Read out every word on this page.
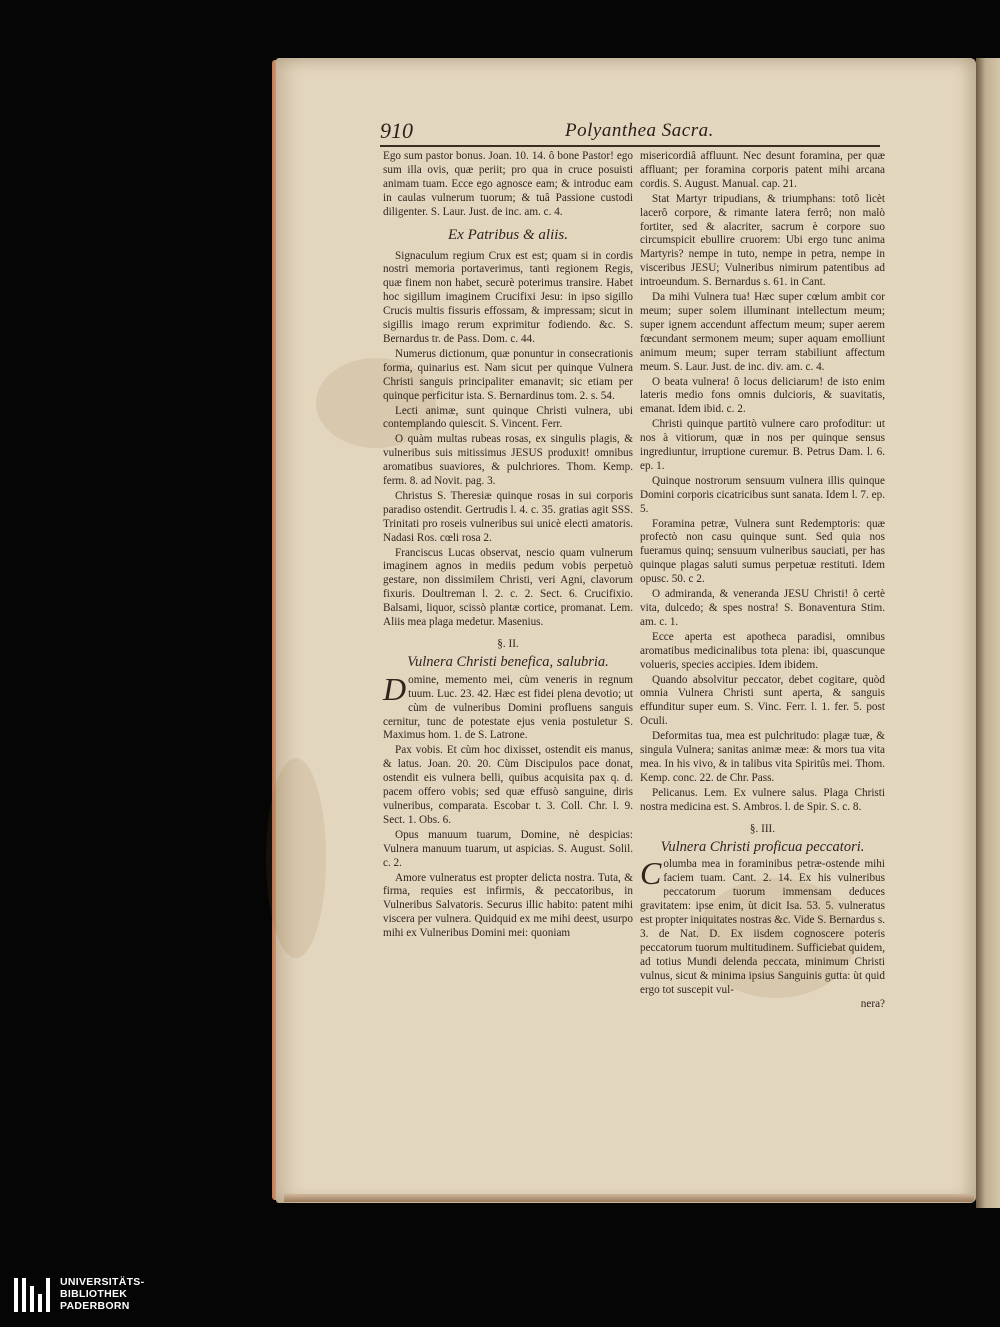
910	Polyanthea Sacra.

Ego sum pastor bonus. Joan. 10. 14. ô bone Pastor! ego sum illa ovis, quæ periit; pro qua in cruce posuisti animam tuam. Ecce ego agnosce eam; & introduc eam in caulas vulnerum tuorum; & tuâ Passione custodi diligenter. S. Laur. Just. de inc. am. c. 4.

Ex Patribus & aliis.

Signaculum regium Crux est est; quam si in cordis nostri memoria portaverimus, tanti regionem Regis, quæ finem non habet, securè poterimus transire. Habet hoc sigillum imaginem Crucifixi Jesu: in ipso sigillo Crucis multis fissuris effossam, & impressam; sicut in sigillis imago rerum exprimitur fodiendo. &c. S. Bernardus tr. de Pass. Dom. c. 44.

Numerus dictionum, quæ ponuntur in consecrationis forma, quinarius est. Nam sicut per quinque Vulnera Christi sanguis principaliter emanavit; sic etiam per quinque perficitur ista. S. Bernardinus tom. 2. s. 54.

Lecti animæ, sunt quinque Christi vulnera, ubi contemplando quiescit. S. Vincent. Ferr.

O quàm multas rubeas rosas, ex singulis plagis, & vulneribus suis mitissimus JESUS produxit! omnibus aromatibus suaviores, & pulchriores. Thom. Kemp. ferm. 8. ad Novit. pag. 3.

Christus S. Theresiæ quinque rosas in sui corporis paradiso ostendit. Gertrudis l. 4. c. 35. gratias agit SSS. Trinitati pro roseis vulneribus sui unicè electi amatoris. Nadasi Ros. cœli rosa 2.

Franciscus Lucas observat, nescio quam vulnerum imaginem agnos in mediis pedum vobis perpetuò gestare, non dissimilem Christi, veri Agni, clavorum fixuris. Doultreman l. 2. c. 2. Sect. 6. Crucifixio. Balsami, liquor, scissò plantæ cortice, promanat. Lem. Aliis mea plaga medetur. Masenius.

§. II.

Vulnera Christi benefica, salubria.

Domine, memento mei, cùm veneris in regnum tuum. Luc. 23. 42. Hæc est fidei plena devotio; ut cùm de vulneribus Domini profluens sanguis cernitur, tunc de potestate ejus venia postuletur S. Maximus hom. 1. de S. Latrone.

Pax vobis. Et cùm hoc dixisset, ostendit eis manus, & latus. Joan. 20. 20. Cùm Discipulos pace donat, ostendit eis vulnera belli, quibus acquisita pax q. d. pacem offero vobis; sed quæ effusò sanguine, diris vulneribus, comparata. Escobar t. 3. Coll. Chr. l. 9. Sect. 1. Obs. 6.

Opus manuum tuarum, Domine, nè despicias: Vulnera manuum tuarum, ut aspicias. S. August. Solil. c. 2.

Amore vulneratus est propter delicta nostra. Tuta, & firma, requies est infirmis, & peccatoribus, in Vulneribus Salvatoris. Securus illic habito: patent mihi viscera per vulnera. Quidquid ex me mihi deest, usurpo mihi ex Vulneribus Domini mei: quoniam

misericordiâ affluunt. Nec desunt foramina, per quæ affluant; per foramina corporis patent mihi arcana cordis. S. August. Manual. cap. 21.

Stat Martyr tripudians, & triumphans: totô licèt lacerô corpore, & rimante latera ferrô; non malò fortiter, sed & alacriter, sacrum è corpore suo circumspicit ebullire cruorem: Ubi ergo tunc anima Martyris? nempe in tuto, nempe in petra, nempe in visceribus JESU; Vulneribus nimirum patentibus ad introeundum. S. Bernardus s. 61. in Cant.

Da mihi Vulnera tua! Hæc super cœlum ambit cor meum; super solem illuminant intellectum meum; super ignem accendunt affectum meum; super aerem fœcundant sermonem meum; super aquam emolliunt animum meum; super terram stabiliunt affectum meum. S. Laur. Just. de inc. div. am. c. 4.

O beata vulnera! ô locus deliciarum! de isto enim lateris medio fons omnis dulcioris, & suavitatis, emanat. Idem ibid. c. 2.

Christi quinque partitò vulnere caro profoditur: ut nos à vitiorum, quæ in nos per quinque sensus ingrediuntur, irruptione curemur. B. Petrus Dam. l. 6. ep. 1.

Quinque nostrorum sensuum vulnera illis quinque Domini corporis cicatricibus sunt sanata. Idem l. 7. ep. 5.

Foramina petræ, Vulnera sunt Redemptoris: quæ profectò non casu quinque sunt. Sed quia nos fueramus quinq; sensuum vulneribus sauciati, per has quinque plagas saluti sumus perpetuæ restituti. Idem opusc. 50. c 2.

O admiranda, & veneranda JESU Christi! ô certè vita, dulcedo; & spes nostra! S. Bonaventura Stim. am. c. 1.

Ecce aperta est apotheca paradisi, omnibus aromatibus medicinalibus tota plena: ibi, quascunque volueris, species accipies. Idem ibidem.

Quando absolvitur peccator, debet cogitare, quòd omnia Vulnera Christi sunt aperta, & sanguis effunditur super eum. S. Vinc. Ferr. l. 1. fer. 5. post Oculi.

Deformitas tua, mea est pulchritudo: plagæ tuæ, & singula Vulnera; sanitas animæ meæ: & mors tua vita mea. In his vivo, & in talibus vita Spiritûs mei. Thom. Kemp. conc. 22. de Chr. Pass.

Pelicanus. Lem. Ex vulnere salus. Plaga Christi nostra medicina est. S. Ambros. l. de Spir. S. c. 8.

§. III.

Vulnera Christi proficua peccatori.

Columba mea in foraminibus petræ-ostende mihi faciem tuam. Cant. 2. 14. Ex his vulneribus peccatorum tuorum immensam deduces gravitatem: ipse enim, ùt dicit Isa. 53. 5. vulneratus est propter iniquitates nostras &c. Vide S. Bernardus s. 3. de Nat. D. Ex iisdem cognoscere poteris peccatorum tuorum multitudinem. Sufficiebat quidem, ad totius Mundi delenda peccata, minimum Christi vulnus, sicut & minima ipsius Sanguinis gutta: ùt quid ergo tot suscepit vul-

nera?

UNIVERSITÄTS-
BIBLIOTHEK
PADERBORN
